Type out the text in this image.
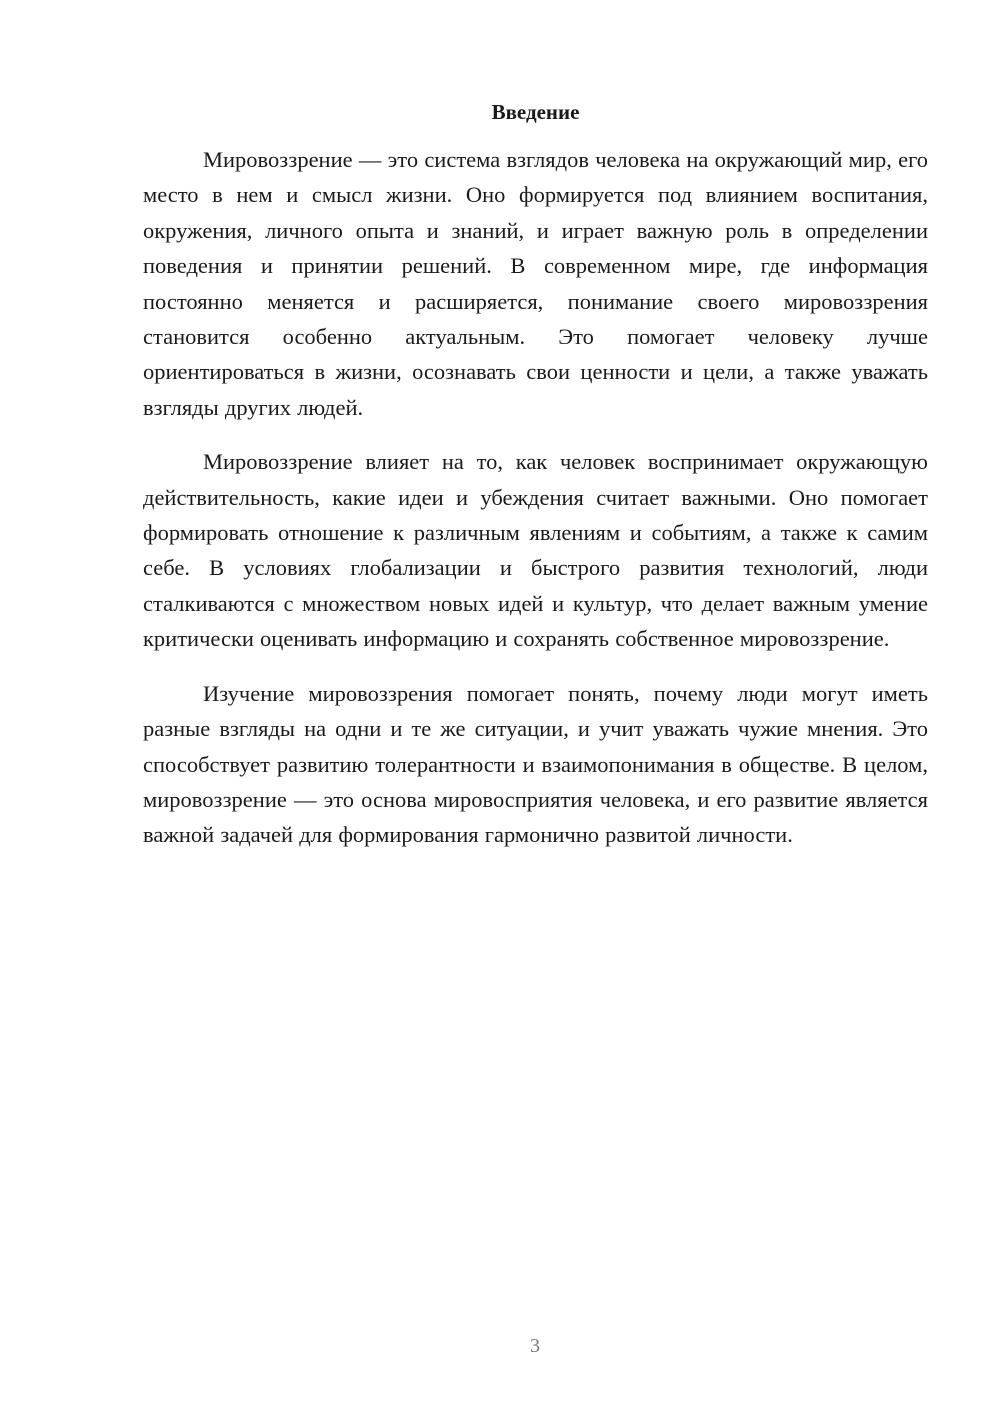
Введение

Мировоззрение — это система взглядов человека на окружающий мир, его место в нем и смысл жизни. Оно формируется под влиянием воспитания, окружения, личного опыта и знаний, и играет важную роль в определении поведения и принятии решений. В современном мире, где информация постоянно меняется и расширяется, понимание своего мировоззрения становится особенно актуальным. Это помогает человеку лучше ориентироваться в жизни, осознавать свои ценности и цели, а также уважать взгляды других людей.

Мировоззрение влияет на то, как человек воспринимает окружающую действительность, какие идеи и убеждения считает важными. Оно помогает формировать отношение к различным явлениям и событиям, а также к самим себе. В условиях глобализации и быстрого развития технологий, люди сталкиваются с множеством новых идей и культур, что делает важным умение критически оценивать информацию и сохранять собственное мировоззрение.

Изучение мировоззрения помогает понять, почему люди могут иметь разные взгляды на одни и те же ситуации, и учит уважать чужие мнения. Это способствует развитию толерантности и взаимопонимания в обществе. В целом, мировоззрение — это основа мировосприятия человека, и его развитие является важной задачей для формирования гармонично развитой личности.

3
